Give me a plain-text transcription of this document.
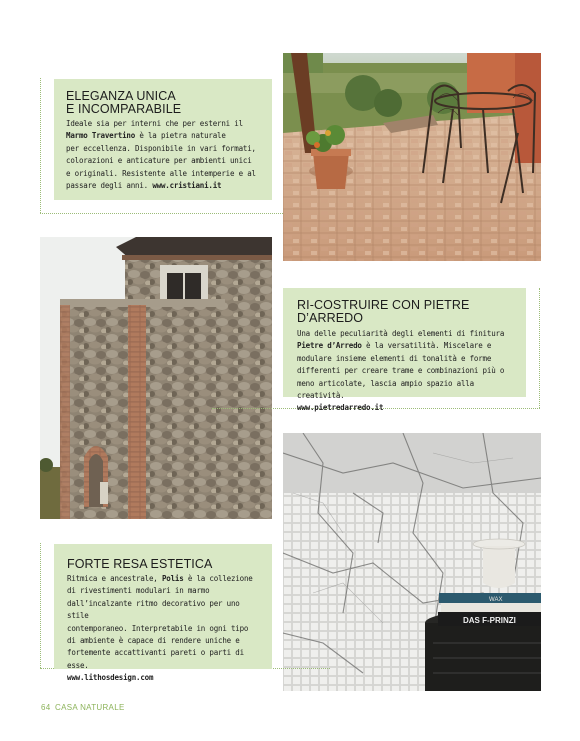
WAX
DAS F-PRINZI
ELEGANZA UNICA
E INCOMPARABILE
Ideale sia per interni che per esterni il
Marmo Travertino è la pietra naturale
per eccellenza. Disponibile in vari formati,
colorazioni e anticature per ambienti unici
e originali. Resistente alle intemperie e al
passare degli anni. www.cristiani.it
RI-COSTRUIRE CON PIETRE D’ARREDO
Una delle peculiarità degli elementi di finitura
Pietre d’Arredo è la versatilità. Miscelare e
modulare insieme elementi di tonalità e forme
differenti per creare trame e combinazioni più o
meno articolate, lascia ampio spazio alla creatività.
www.pietredarredo.it
FORTE RESA ESTETICA
Ritmica e ancestrale, Polis è la collezione
di rivestimenti modulari in marmo
dall’incalzante ritmo decorativo per uno stile
contemporaneo. Interpretabile in ogni tipo
di ambiente è capace di rendere uniche e
fortemente accattivanti pareti o parti di esse.
www.lithosdesign.com
64 CASA NATURALE
